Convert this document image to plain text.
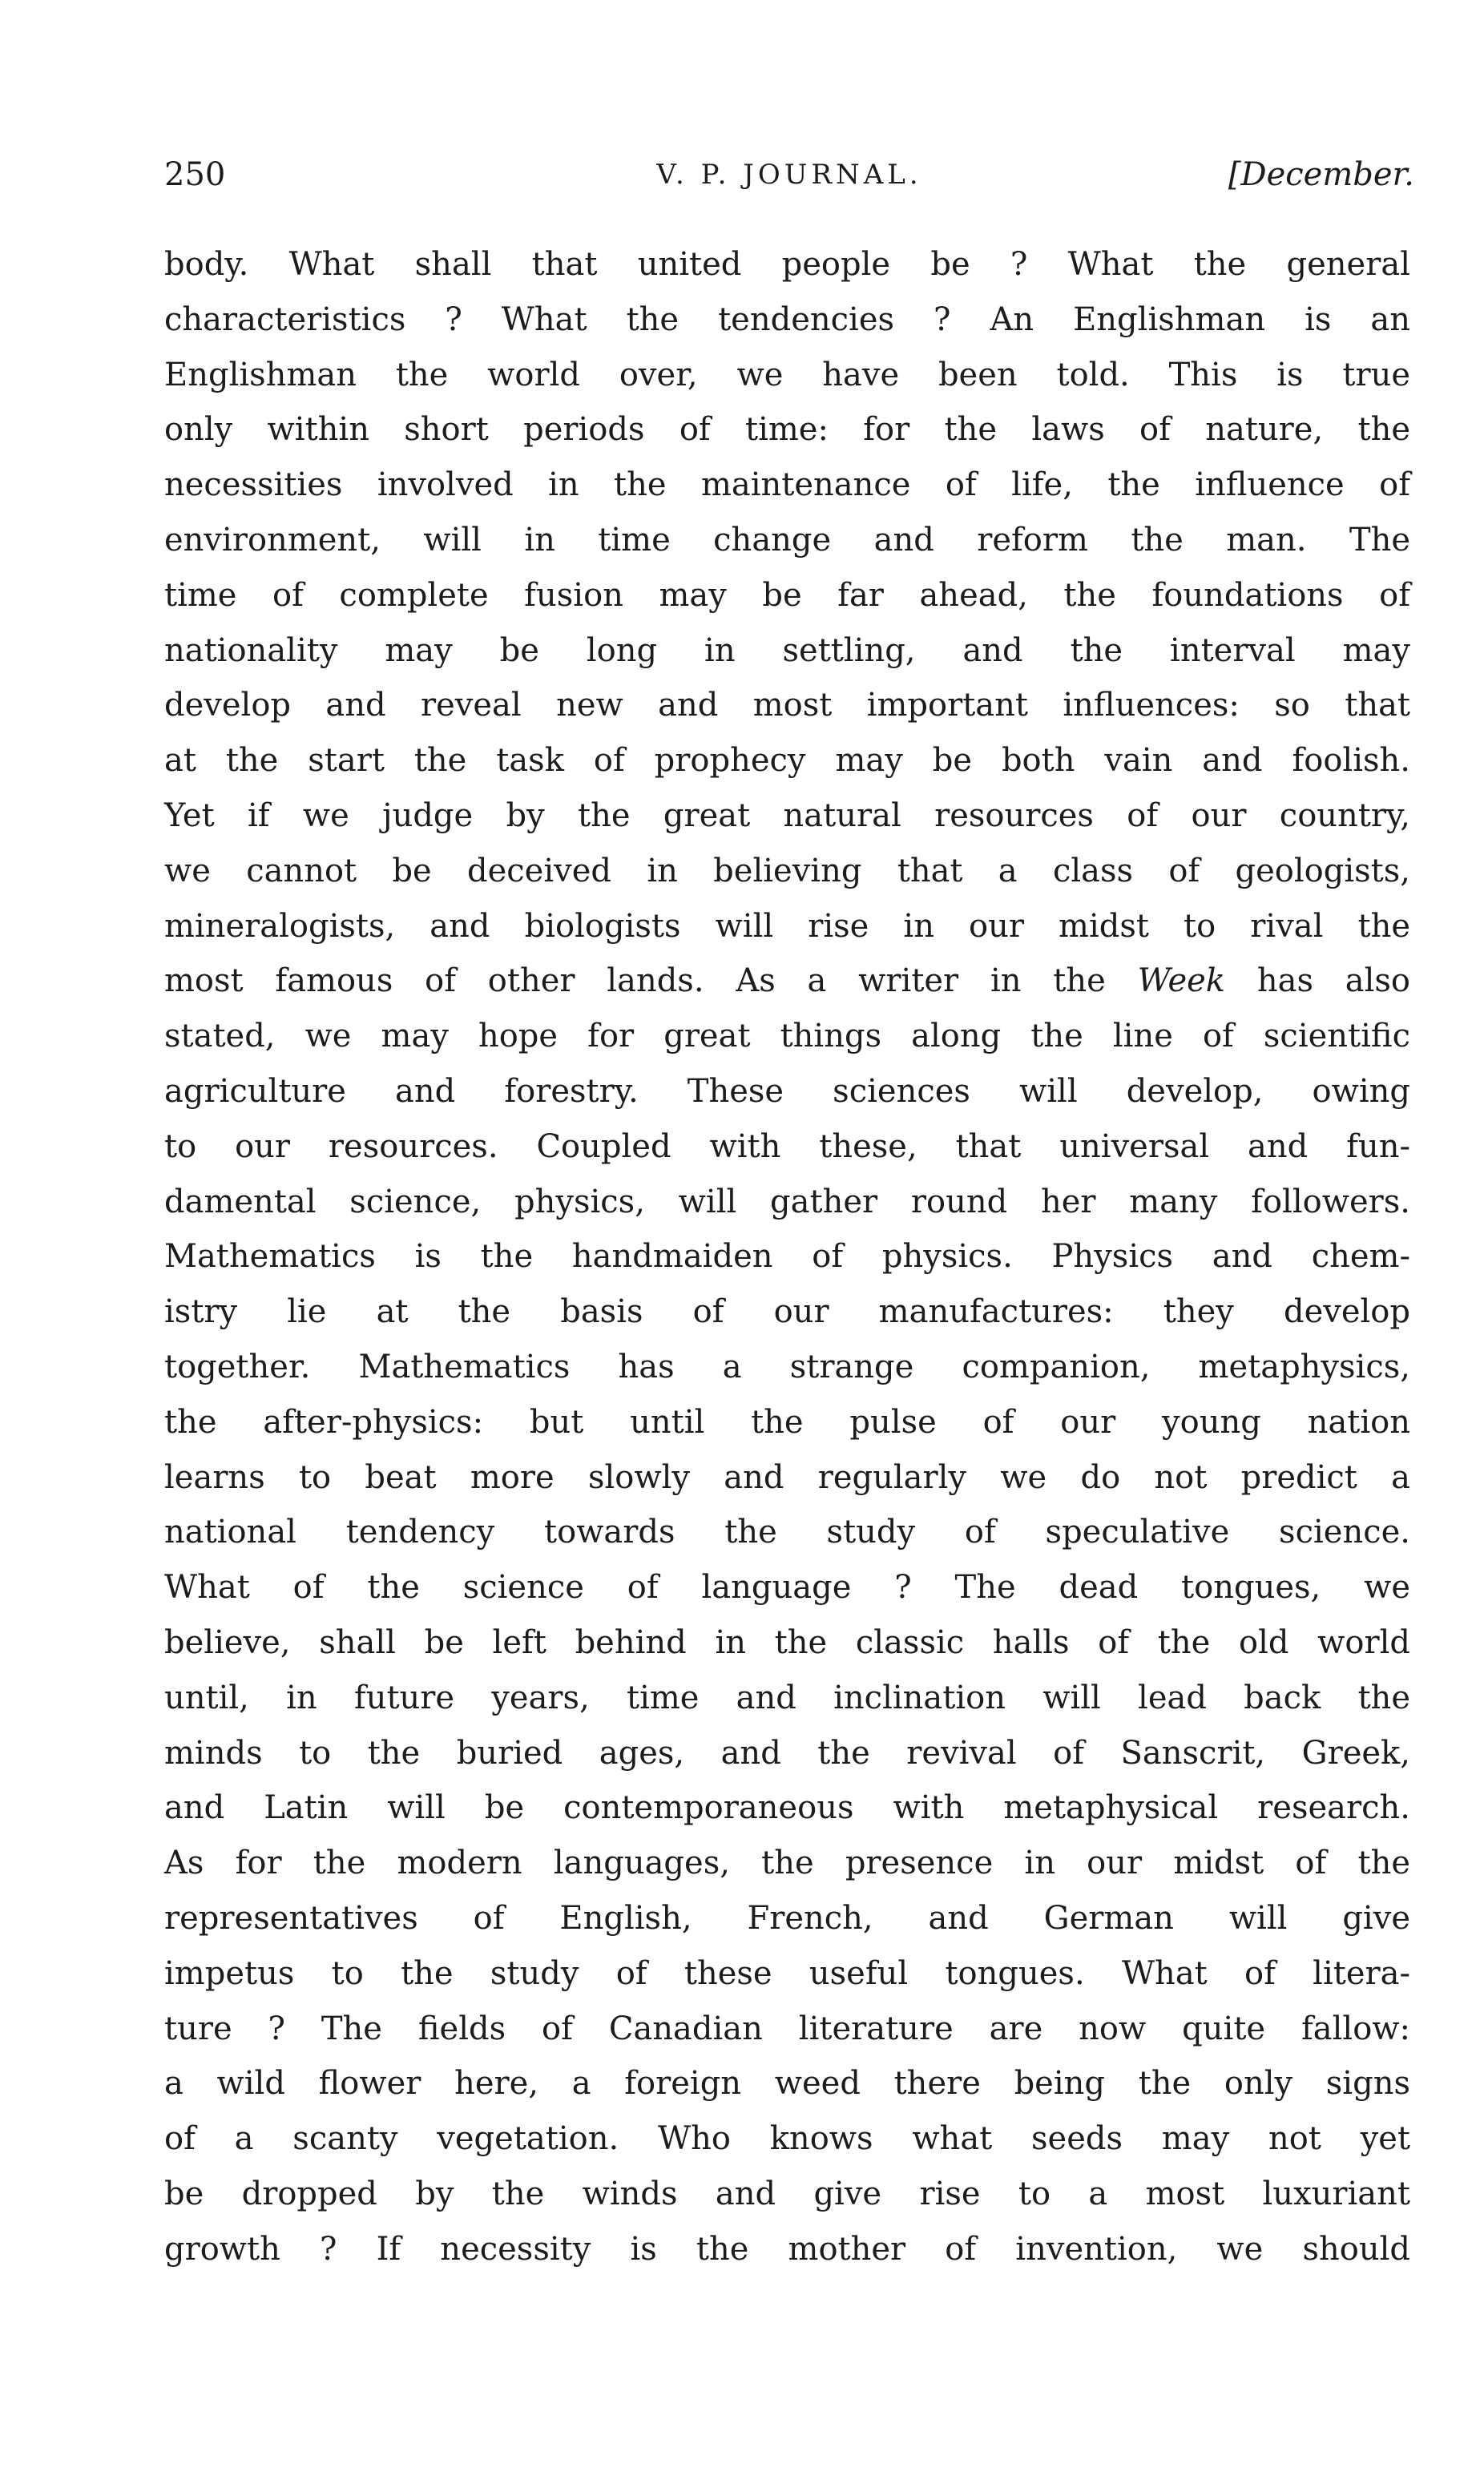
250	V. P. JOURNAL.	[December.
body. What shall that united people be ? What the general
characteristics ? What the tendencies ? An Englishman is an
Englishman the world over, we have been told. This is true
only within short periods of time: for the laws of nature, the
necessities involved in the maintenance of life, the influence of
environment, will in time change and reform the man. The
time of complete fusion may be far ahead, the foundations of
nationality may be long in settling, and the interval may
develop and reveal new and most important influences: so that
at the start the task of prophecy may be both vain and foolish.
Yet if we judge by the great natural resources of our country,
we cannot be deceived in believing that a class of geologists,
mineralogists, and biologists will rise in our midst to rival the
most famous of other lands. As a writer in the Week has also
stated, we may hope for great things along the line of scientific
agriculture and forestry. These sciences will develop, owing
to our resources. Coupled with these, that universal and fun-
damental science, physics, will gather round her many followers.
Mathematics is the handmaiden of physics. Physics and chem-
istry lie at the basis of our manufactures: they develop
together. Mathematics has a strange companion, metaphysics,
the after-physics: but until the pulse of our young nation
learns to beat more slowly and regularly we do not predict a
national tendency towards the study of speculative science.
What of the science of language ? The dead tongues, we
believe, shall be left behind in the classic halls of the old world
until, in future years, time and inclination will lead back the
minds to the buried ages, and the revival of Sanscrit, Greek,
and Latin will be contemporaneous with metaphysical research.
As for the modern languages, the presence in our midst of the
representatives of English, French, and German will give
impetus to the study of these useful tongues. What of litera-
ture ? The fields of Canadian literature are now quite fallow:
a wild flower here, a foreign weed there being the only signs
of a scanty vegetation. Who knows what seeds may not yet
be dropped by the winds and give rise to a most luxuriant
growth ? If necessity is the mother of invention, we should
